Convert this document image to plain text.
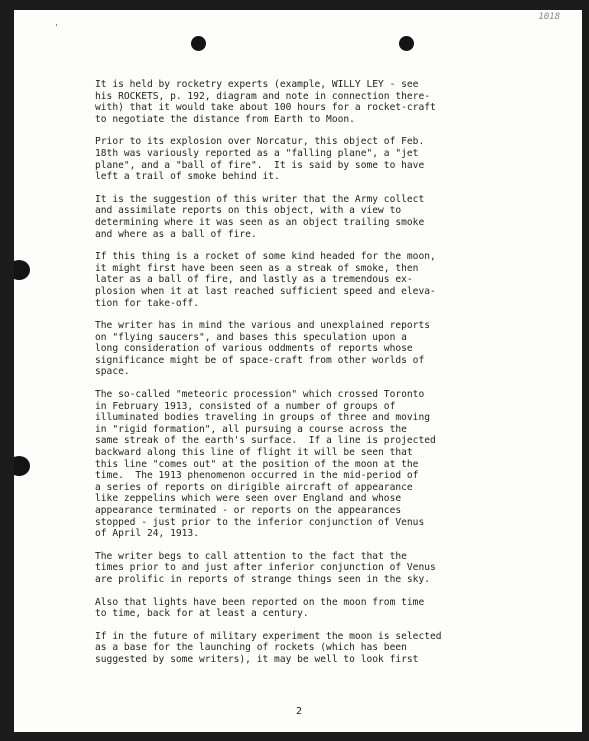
1018
'
It is held by rocketry experts (example, WILLY LEY - see
his ROCKETS, p. 192, diagram and note in connection there-
with) that it would take about 100 hours for a rocket-craft
to negotiate the distance from Earth to Moon.
Prior to its explosion over Norcatur, this object of Feb.
18th was variously reported as a "falling plane", a "jet
plane", and a "ball of fire".  It is said by some to have
left a trail of smoke behind it.
It is the suggestion of this writer that the Army collect
and assimilate reports on this object, with a view to
determining where it was seen as an object trailing smoke
and where as a ball of fire.
If this thing is a rocket of some kind headed for the moon,
it might first have been seen as a streak of smoke, then
later as a ball of fire, and lastly as a tremendous ex-
plosion when it at last reached sufficient speed and eleva-
tion for take-off.
The writer has in mind the various and unexplained reports
on "flying saucers", and bases this speculation upon a
long consideration of various oddments of reports whose
significance might be of space-craft from other worlds of
space.
The so-called "meteoric procession" which crossed Toronto
in February 1913, consisted of a number of groups of
illuminated bodies traveling in groups of three and moving
in "rigid formation", all pursuing a course across the
same streak of the earth's surface.  If a line is projected
backward along this line of flight it will be seen that
this line "comes out" at the position of the moon at the
time.  The 1913 phenomenon occurred in the mid-period of
a series of reports on dirigible aircraft of appearance
like zeppelins which were seen over England and whose
appearance terminated - or reports on the appearances
stopped - just prior to the inferior conjunction of Venus
of April 24, 1913.
The writer begs to call attention to the fact that the
times prior to and just after inferior conjunction of Venus
are prolific in reports of strange things seen in the sky.
Also that lights have been reported on the moon from time
to time, back for at least a century.
If in the future of military experiment the moon is selected
as a base for the launching of rockets (which has been
suggested by some writers), it may be well to look first
2
